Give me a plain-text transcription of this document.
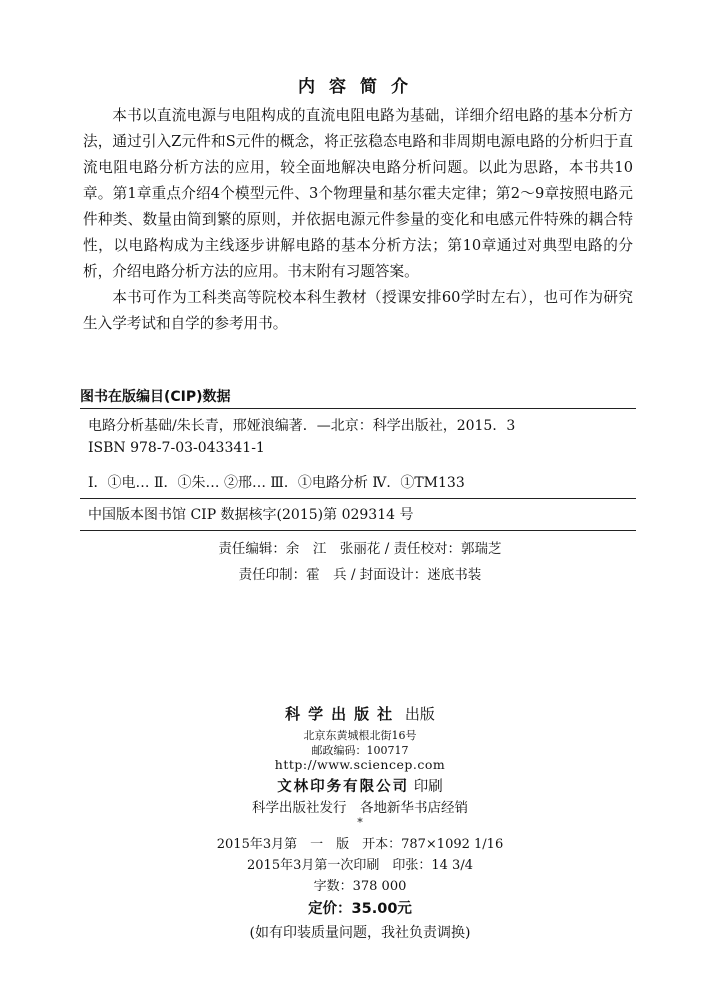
内容简介

本书以直流电源与电阻构成的直流电阻电路为基础，详细介绍电路的基本分析方法，通过引入Z元件和S元件的概念，将正弦稳态电路和非周期电源电路的分析归于直流电阻电路分析方法的应用，较全面地解决电路分析问题。以此为思路，本书共10章。第1章重点介绍4个模型元件、3个物理量和基尔霍夫定律；第2～9章按照电路元件种类、数量由简到繁的原则，并依据电源元件参量的变化和电感元件特殊的耦合特性，以电路构成为主线逐步讲解电路的基本分析方法；第10章通过对典型电路的分析，介绍电路分析方法的应用。书末附有习题答案。

本书可作为工科类高等院校本科生教材（授课安排60学时左右），也可作为研究生入学考试和自学的参考用书。

图书在版编目(CIP)数据
电路分析基础/朱长青，邢娅浪编著．—北京：科学出版社，2015．3
ISBN 978-7-03-043341-1
Ⅰ．①电… Ⅱ．①朱… ②邢… Ⅲ．①电路分析 Ⅳ．①TM133
中国版本图书馆 CIP 数据核字(2015)第 029314 号
责任编辑：余　江　张丽花 / 责任校对：郭瑞芝
责任印制：霍　兵 / 封面设计：迷底书装
科学出版社 出版
北京东黄城根北街16号
邮政编码：100717
http://www.sciencep.com
文林印务有限公司 印刷
科学出版社发行　各地新华书店经销
*
2015年3月第　一　版　开本：787×1092 1/16
2015年3月第一次印刷　印张：14 3/4
字数：378 000
定价：35.00元
(如有印装质量问题，我社负责调换)
